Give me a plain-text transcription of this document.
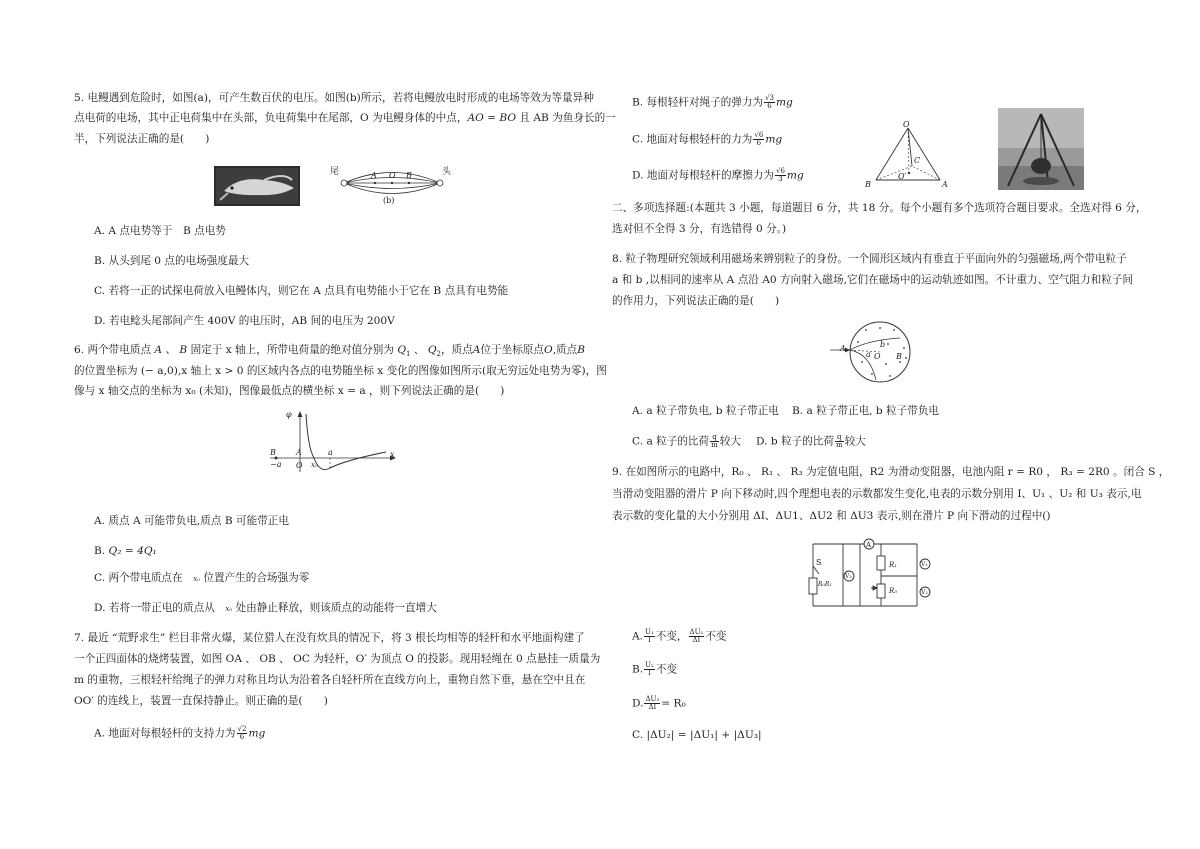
5. 电鳗遇到危险时，如图(a)，可产生数百伏的电压。如图(b)所示，若将电鳗放电时形成的电场等效为等量异种
点电荷的电场，其中正电荷集中在头部，负电荷集中在尾部，O 为电鳗身体的中点，AO = BO 且 AB 为鱼身长的一
半，下列说法正确的是(　　)
尾	头
A O B
(b)
A. A 点电势等于　B 点电势
B. 从头到尾 0 点的电场强度最大
C. 若将一正的试探电荷放入电鳗体内，则它在 A 点具有电势能小于它在 B 点具有电势能
D. 若电鲶头尾部间产生 400V 的电压时，AB 间的电压为 200V
6. 两个带电质点 A 、 B 固定于 x 轴上，所带电荷量的绝对值分别为 $Q_1$ 、 $Q_2$，质点A位于坐标原点O,质点B
的位置坐标为 (− a,0),x 轴上 x > 0 的区域内各点的电势随坐标 x 变化的图像如图所示(取无穷远处电势为零)，图
像与 x 轴交点的坐标为 x₀ (未知)，图像最低点的横坐标 x = a ，则下列说法正确的是(　　)
φ
B
−a
A
O x₀
a	x
A. 质点 A 可能带负电,质点 B 可能带正电
B. Q₂ = 4Q₁
C. 两个带电质点在　 x₀ 位置产生的合场强为零
D. 若将一带正电的质点从　 x₀ 处由静止释放，则该质点的动能将一直增大
7. 最近 “荒野求生” 栏目非常火爆，某位猎人在没有炊具的情况下，将 3 根长均相等的轻杆和水平地面构建了
一个正四面体的烧烤装置，如图 OA 、 OB 、 OC 为轻杆，O′ 为顶点 O 的投影。现用轻绳在 0 点悬挂一质量为
m 的重物，三根轻杆给绳子的弹力对称且均认为沿着各自轻杆所在直线方向上，重物自然下垂，悬在空中且在
OO′ 的连线上，装置一直保持静止。则正确的是(　　)
A. 地面对每根轻杆的支持力为 $\frac{√2}{6}$ mg
B. 每根轻杆对绳子的弹力为 $\frac{√3}{6}$ mg
C. 地面对每根轻杆的力为 $\frac{√6}{6}$ mg
D. 地面对每根轻杆的摩擦力为 $\frac{√6}{3}$ mg
O
C
O′
B	A
二、多项选择题:(本题共 3 小题，每道题目 6 分，共 18 分。每个小题有多个选项符合题目要求。全选对得 6 分，
选对但不全得 3 分，有选错得 0 分。)
8. 粒子物理研究领域利用磁场来辨别粒子的身份。一个圆形区域内有垂直于平面向外的匀强磁场,两个带电粒子
a 和 b ,以相同的速率从 A 点沿 A0 方向射入磁场,它们在磁场中的运动轨迹如图。不计重力、空气阻力和粒子间
的作用力，下列说法正确的是(　　)
A
O
b
a	B
A. a 粒子带负电, b 粒子带正电 B. a 粒子带正电, b 粒子带负电
C. a 粒子的比荷 $\frac{q}{m}$ 较大 D. b 粒子的比荷 $\frac{q}{m}$ 较大
9. 在如图所示的电路中，R₀ 、 R₁ 、 R₃ 为定值电阻，R2 为滑动变阻器，电池内阻 r = R0 ， R₃ = 2R0 。闭合 S ，
当滑动变阻器的滑片 P 向下移动时,四个理想电表的示数都发生变化,电表的示数分别用 I、U₁ 、U₂ 和 U₃ 表示,电
表示数的变化量的大小分别用 ΔI、ΔU1、ΔU2 和 ΔU3 表示,则在滑片 P 向下滑动的过程中()
S
R₀R₁
R₁
R₃
A
V₃
V₁
V₂
A. $\frac{\text{U₁}}{I}$ 不变， $\frac{\text{ΔU₁}}{\Delta I}$ 不变
B. $\frac{\text{U₂}}{I}$ 不变
D. $\frac{\text{ΔU₃}}{\Delta I} = R_0$
C. |ΔU₂| = |ΔU₁| + |ΔU₃|
